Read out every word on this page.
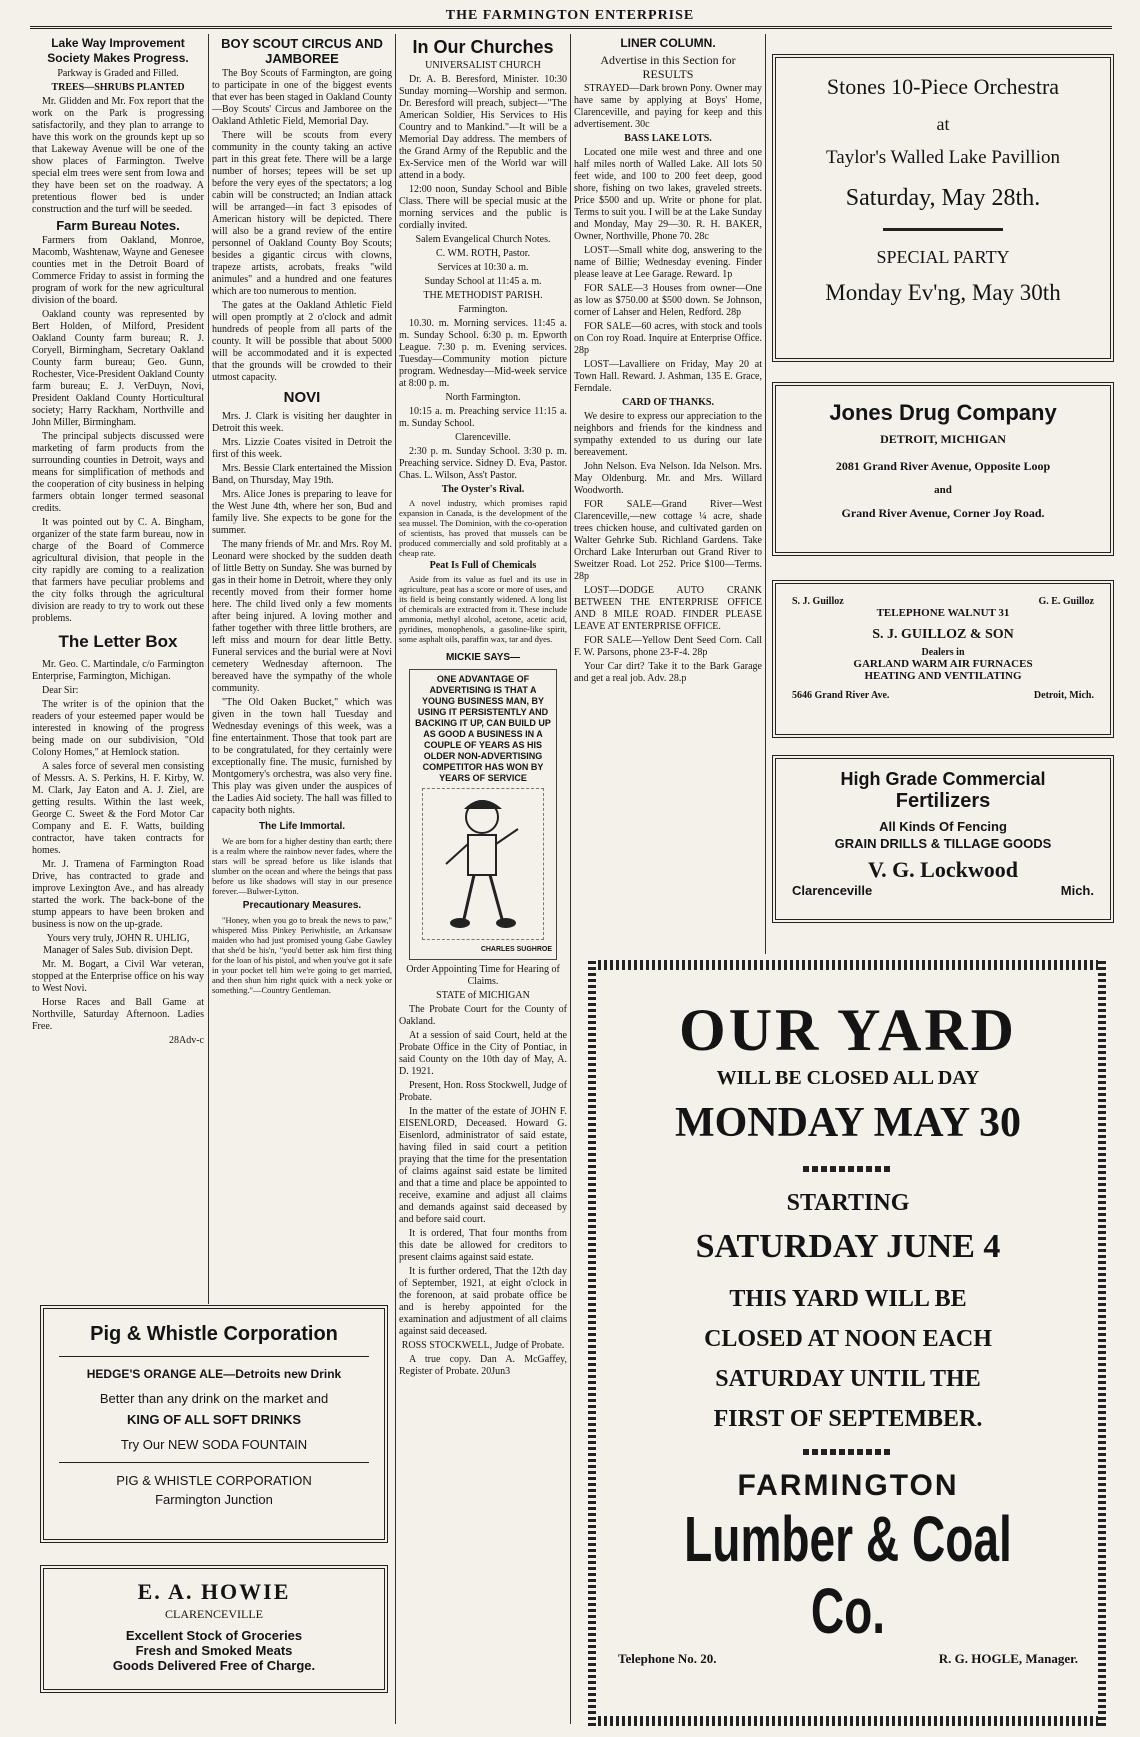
THE FARMINGTON ENTERPRISE
Lake Way Improvement Society Makes Progress.
Parkway is Graded and Filled.
TREES—SHRUBS PLANTED

Mr. Glidden and Mr. Fox report that the work on the Park is progressing satisfactorily, and they plan to arrange to have this work on the grounds kept up so that Lakeway Avenue will be one of the show places of Farmington. Twelve special elm trees were sent from Iowa and they have been set on the roadway. A pretentious flower bed is under construction and the turf will be seeded.

Farm Bureau Notes.

Farmers from Oakland, Monroe, Macomb, Washtenaw, Wayne and Genesee counties met in the Detroit Board of Commerce Friday to assist in forming the program of work for the new agricultural division of the board.

Oakland county was represented by Bert Holden, of Milford, President Oakland County farm bureau; R. J. Coryell, Birmingham, Secretary Oakland County farm bureau; Geo. Gunn, Rochester, Vice-President Oakland County farm bureau; E. J. VerDuyn, Novi, President Oakland County Horticultural society; Harry Rackham, Northville and John Miller, Birmingham.

The principal subjects discussed were marketing of farm products from the surrounding counties in Detroit, ways and means for simplification of methods and the cooperation of city business in helping farmers obtain longer termed seasonal credits.

It was pointed out by C. A. Bingham, organizer of the state farm bureau, now in charge of the Board of Commerce agricultural division, that people in the city rapidly are coming to a realization that farmers have peculiar problems and the city folks through the agricultural division are ready to try to work out these problems.

The Letter Box

Mr. Geo. C. Martindale, c/o Farmington Enterprise, Farmington, Michigan.

Dear Sir:

The writer is of the opinion that the readers of your esteemed paper would be interested in knowing of the progress being made on our subdivision, "Old Colony Homes," at Hemlock station.

A sales force of several men consisting of Messrs. A. S. Perkins, H. F. Kirby, W. M. Clark, Jay Eaton and A. J. Ziel, are getting results. Within the last week, George C. Sweet & the Ford Motor Car Company and E. F. Watts, building contractor, have taken contracts for homes.

Mr. J. Tramena of Farmington Road Drive, has contracted to grade and improve Lexington Ave., and has already started the work. The back-bone of the stump appears to have been broken and business is now on the up-grade.

Yours very truly, JOHN R. UHLIG, Manager of Sales Sub. division Dept.

Mr. M. Bogart, a Civil War veteran, stopped at the Enterprise office on his way to West Novi.

Horse Races and Ball Game at Northville, Saturday Afternoon. Ladies Free.

28Adv-c

BOY SCOUT CIRCUS AND JAMBOREE

The Boy Scouts of Farmington, are going to participate in one of the biggest events that ever has been staged in Oakland County—Boy Scouts' Circus and Jamboree on the Oakland Athletic Field, Memorial Day.

There will be scouts from every community in the county taking an active part in this great fete. There will be a large number of horses; tepees will be set up before the very eyes of the spectators; a log cabin will be constructed; an Indian attack will be arranged—in fact 3 episodes of American history will be depicted. There will also be a grand review of the entire personnel of Oakland County Boy Scouts; besides a gigantic circus with clowns, trapeze artists, acrobats, freaks "wild animules" and a hundred and one features which are too numerous to mention.

The gates at the Oakland Athletic Field will open promptly at 2 o'clock and admit hundreds of people from all parts of the county. It will be possible that about 5000 will be accommodated and it is expected that the grounds will be crowded to their utmost capacity.

NOVI

Mrs. J. Clark is visiting her daughter in Detroit this week.

Mrs. Lizzie Coates visited in Detroit the first of this week.

Mrs. Bessie Clark entertained the Mission Band, on Thursday, May 19th.

Mrs. Alice Jones is preparing to leave for the West June 4th, where her son, Bud and family live. She expects to be gone for the summer.

The many friends of Mr. and Mrs. Roy M. Leonard were shocked by the sudden death of little Betty on Sunday. She was burned by gas in their home in Detroit, where they only recently moved from their former home here. The child lived only a few moments after being injured. A loving mother and father together with three little brothers, are left miss and mourn for dear little Betty. Funeral services and the burial were at Novi cemetery Wednesday afternoon. The bereaved have the sympathy of the whole community.

"The Old Oaken Bucket," which was given in the town hall Tuesday and Wednesday evenings of this week, was a fine entertainment. Those that took part are to be congratulated, for they certainly were exceptionally fine. The music, furnished by Montgomery's orchestra, was also very fine. This play was given under the auspices of the Ladies Aid society. The hall was filled to capacity both nights.

The Life Immortal.

We are born for a higher destiny than earth; there is a realm where the rainbow never fades, where the stars will be spread before us like islands that slumber on the ocean and where the beings that pass before us like shadows will stay in our presence forever.—Bulwer-Lytton.

Precautionary Measures.

"Honey, when you go to break the news to paw," whispered Miss Pinkey Periwhistle, an Arkansaw maiden who had just promised young Gabe Gawley that she'd be his'n, "you'd better ask him first thing for the loan of his pistol, and when you've got it safe in your pocket tell him we're going to get married, and then shun him right quick with a neck yoke or something."—Country Gentleman.

In Our Churches
UNIVERSALIST CHURCH

Dr. A. B. Beresford, Minister. 10:30 Sunday morning—Worship and sermon. Dr. Beresford will preach, subject—"The American Soldier, His Services to His Country and to Mankind."—It will be a Memorial Day address. The members of the Grand Army of the Republic and the Ex-Service men of the World war will attend in a body.

12:00 noon, Sunday School and Bible Class. There will be special music at the morning services and the public is cordially invited.

Salem Evangelical Church Notes.

C. WM. ROTH, Pastor.

Services at 10:30 a. m.

Sunday School at 11:45 a. m.

THE METHODIST PARISH.
Farmington.

10.30. m. Morning services. 11:45 a. m. Sunday School. 6:30 p. m. Epworth League. 7:30 p. m. Evening services. Tuesday—Community motion picture program. Wednesday—Mid-week service at 8:00 p. m.

North Farmington.

10:15 a. m. Preaching service 11:15 a. m. Sunday School.

Clarenceville.

2:30 p. m. Sunday School. 3:30 p. m. Preaching service. Sidney D. Eva, Pastor. Chas. L. Wilson, Ass't Pastor.

The Oyster's Rival.

A novel industry, which promises rapid expansion in Canada, is the development of the sea mussel. The Dominion, with the co-operation of scientists, has proved that mussels can be produced commercially and sold profitably at a cheap rate.

Peat Is Full of Chemicals

Aside from its value as fuel and its use in agriculture, peat has a score or more of uses, and its field is being constantly widened. A long list of chemicals are extracted from it. These include ammonia, methyl alcohol, acetone, acetic acid, pyridines, monophenols, a gasoline-like spirit, some asphalt oils, paraffin wax, tar and dyes.

MICKIE SAYS—
ONE ADVANTAGE OF ADVERTISING IS THAT A YOUNG BUSINESS MAN, BY USING IT PERSISTENTLY AND BACKING IT UP, CAN BUILD UP AS GOOD A BUSINESS IN A COUPLE OF YEARS AS HIS OLDER NON-ADVERTISING COMPETITOR HAS WON BY YEARS OF SERVICE
CHARLES SUGHROE
Order Appointing Time for Hearing of Claims.

STATE of MICHIGAN

The Probate Court for the County of Oakland.

At a session of said Court, held at the Probate Office in the City of Pontiac, in said County on the 10th day of May, A. D. 1921.

Present, Hon. Ross Stockwell, Judge of Probate.

In the matter of the estate of JOHN F. EISENLORD, Deceased. Howard G. Eisenlord, administrator of said estate, having filed in said court a petition praying that the time for the presentation of claims against said estate be limited and that a time and place be appointed to receive, examine and adjust all claims and demands against said deceased by and before said court.

It is ordered, That four months from this date be allowed for creditors to present claims against said estate.

It is further ordered, That the 12th day of September, 1921, at eight o'clock in the forenoon, at said probate office be and is hereby appointed for the examination and adjustment of all claims against said deceased.

ROSS STOCKWELL, Judge of Probate.

A true copy. Dan A. McGaffey, Register of Probate. 20Jun3

LINER COLUMN.
Advertise in this Section for RESULTS

STRAYED—Dark brown Pony. Owner may have same by applying at Boys' Home, Clarenceville, and paying for keep and this advertisement. 30c

BASS LAKE LOTS.

Located one mile west and three and one half miles north of Walled Lake. All lots 50 feet wide, and 100 to 200 feet deep, good shore, fishing on two lakes, graveled streets. Price $500 and up. Write or phone for plat. Terms to suit you. I will be at the Lake Sunday and Monday, May 29—30. R. H. BAKER, Owner, Northville, Phone 70. 28c

LOST—Small white dog, answering to the name of Billie; Wednesday evening. Finder please leave at Lee Garage. Reward. 1p

FOR SALE—3 Houses from owner—One as low as $750.00 at $500 down. Se Johnson, corner of Lahser and Helen, Redford. 28p

FOR SALE—60 acres, with stock and tools on Con roy Road. Inquire at Enterprise Office. 28p

LOST—Lavalliere on Friday, May 20 at Town Hall. Reward. J. Ashman, 135 E. Grace, Ferndale.

CARD OF THANKS.

We desire to express our appreciation to the neighbors and friends for the kindness and sympathy extended to us during our late bereavement.

John Nelson. Eva Nelson. Ida Nelson. Mrs. May Oldenburg. Mr. and Mrs. Willard Woodworth.

FOR SALE—Grand River—West Clarenceville,—new cottage ¼ acre, shade trees chicken house, and cultivated garden on Walter Gehrke Sub. Richland Gardens. Take Orchard Lake Interurban out Grand River to Sweitzer Road. Lot 252. Price $100—Terms. 28p

LOST—DODGE AUTO CRANK BETWEEN THE ENTERPRISE OFFICE AND 8 MILE ROAD. FINDER PLEASE LEAVE AT ENTERPRISE OFFICE.

FOR SALE—Yellow Dent Seed Corn. Call F. W. Parsons, phone 23-F-4. 28p

Your Car dirt? Take it to the Bark Garage and get a real job. Adv. 28.p

Stones 10-Piece Orchestra
at
Taylor's Walled Lake Pavillion
Saturday, May 28th.
SPECIAL PARTY
Monday Ev'ng, May 30th
Jones Drug Company
DETROIT, MICHIGAN
2081 Grand River Avenue, Opposite Loop
and
Grand River Avenue, Corner Joy Road.
S. J. Guilloz	G. E. Guilloz
TELEPHONE WALNUT 31
S. J. GUILLOZ & SON
Dealers in
GARLAND WARM AIR FURNACES
HEATING AND VENTILATING
5646 Grand River Ave.	Detroit, Mich.
High Grade Commercial
Fertilizers
All Kinds Of Fencing
GRAIN DRILLS & TILLAGE GOODS
V. G. Lockwood
Clarenceville	Mich.
Pig & Whistle Corporation
HEDGE'S ORANGE ALE—Detroits new Drink
Better than any drink on the market and
KING OF ALL SOFT DRINKS
Try Our NEW SODA FOUNTAIN
PIG & WHISTLE CORPORATION
Farmington Junction
E. A. HOWIE
CLARENCEVILLE
Excellent Stock of Groceries
Fresh and Smoked Meats
Goods Delivered Free of Charge.
OUR YARD
WILL BE CLOSED ALL DAY
MONDAY MAY 30
STARTING
SATURDAY JUNE 4
THIS YARD WILL BE
CLOSED AT NOON EACH
SATURDAY UNTIL THE
FIRST OF SEPTEMBER.
FARMINGTON
Lumber & Coal Co.
Telephone No. 20.	R. G. HOGLE, Manager.
